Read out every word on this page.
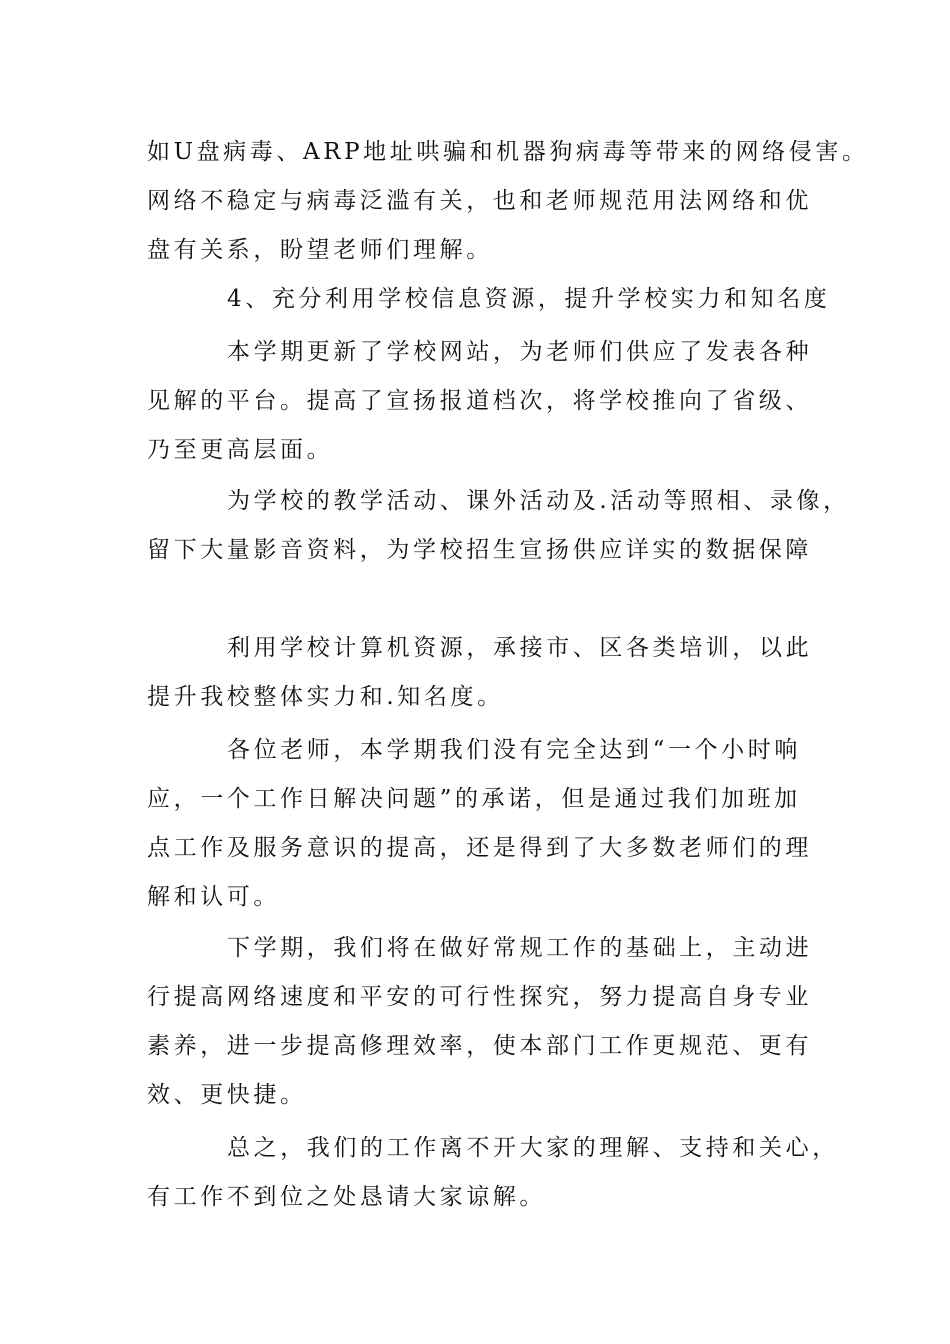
如U盘病毒、ARP地址哄骗和机器狗病毒等带来的网络侵害。
网络不稳定与病毒泛滥有关，也和老师规范用法网络和优
盘有关系，盼望老师们理解。
4、充分利用学校信息资源，提升学校实力和知名度
本学期更新了学校网站，为老师们供应了发表各种
见解的平台。提高了宣扬报道档次，将学校推向了省级、
乃至更高层面。
为学校的教学活动、课外活动及.活动等照相、录像，
留下大量影音资料，为学校招生宣扬供应详实的数据保障
利用学校计算机资源，承接市、区各类培训，以此
提升我校整体实力和.知名度。
各位老师，本学期我们没有完全达到“一个小时响
应，一个工作日解决问题”的承诺，但是通过我们加班加
点工作及服务意识的提高，还是得到了大多数老师们的理
解和认可。
下学期，我们将在做好常规工作的基础上，主动进
行提高网络速度和平安的可行性探究，努力提高自身专业
素养，进一步提高修理效率，使本部门工作更规范、更有
效、更快捷。
总之，我们的工作离不开大家的理解、支持和关心，
有工作不到位之处恳请大家谅解。
